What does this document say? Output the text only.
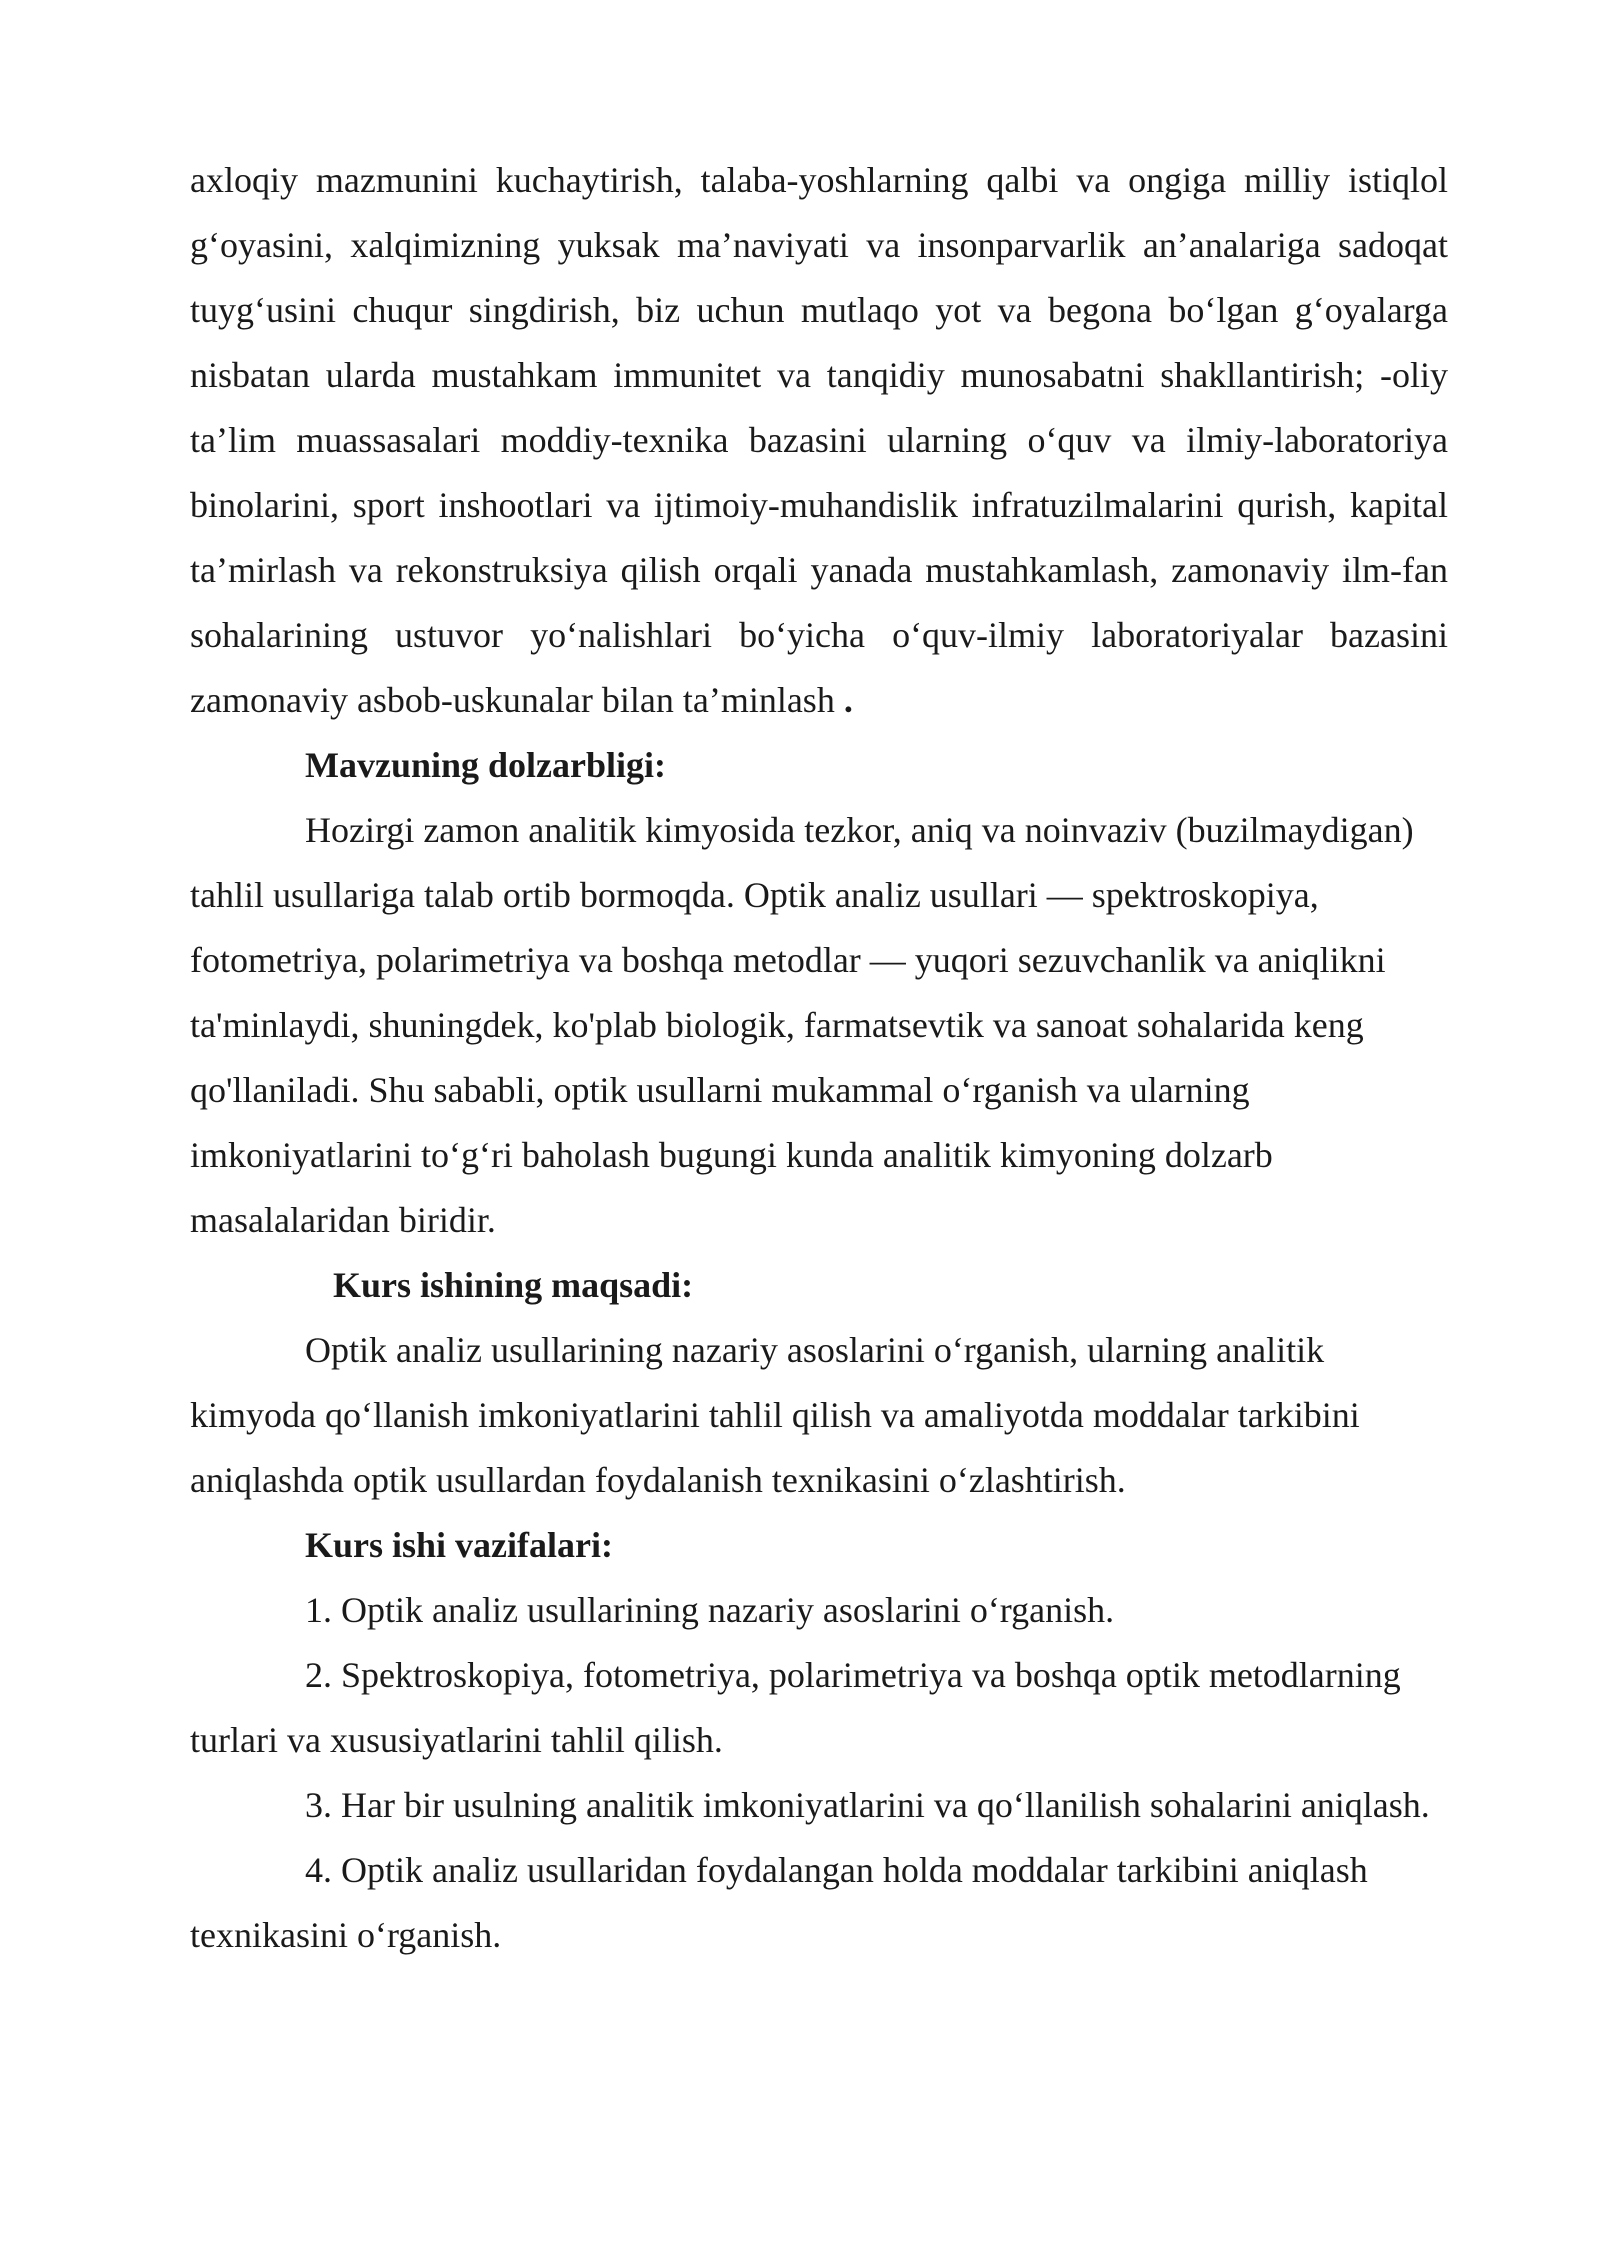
axloqiy mazmunini kuchaytirish, talaba-yoshlarning qalbi va ongiga milliy istiqlol g‘oyasini, xalqimizning yuksak ma’naviyati va insonparvarlik an’analariga sadoqat tuyg‘usini chuqur singdirish, biz uchun mutlaqo yot va begona bo‘lgan g‘oyalarga nisbatan ularda mustahkam immunitet va tanqidiy munosabatni shakllantirish; -oliy ta’lim muassasalari moddiy-texnika bazasini ularning o‘quv va ilmiy-laboratoriya binolarini, sport inshootlari va ijtimoiy-muhandislik infratuzilmalarini qurish, kapital ta’mirlash va rekonstruksiya qilish orqali yanada mustahkamlash, zamonaviy ilm-fan sohalarining ustuvor yo‘nalishlari bo‘yicha o‘quv-ilmiy laboratoriyalar bazasini zamonaviy asbob-uskunalar bilan ta’minlash .

Mavzuning dolzarbligi:

Hozirgi zamon analitik kimyosida tezkor, aniq va noinvaziv (buzilmaydigan) tahlil usullariga talab ortib bormoqda. Optik analiz usullari — spektroskopiya, fotometriya, polarimetriya va boshqa metodlar — yuqori sezuvchanlik va aniqlikni ta'minlaydi, shuningdek, ko'plab biologik, farmatsevtik va sanoat sohalarida keng qo'llaniladi. Shu sababli, optik usullarni mukammal o‘rganish va ularning imkoniyatlarini to‘g‘ri baholash bugungi kunda analitik kimyoning dolzarb masalalaridan biridir.

Kurs ishining maqsadi:

Optik analiz usullarining nazariy asoslarini o‘rganish, ularning analitik kimyoda qo‘llanish imkoniyatlarini tahlil qilish va amaliyotda moddalar tarkibini aniqlashda optik usullardan foydalanish texnikasini o‘zlashtirish.

Kurs ishi vazifalari:

1. Optik analiz usullarining nazariy asoslarini o‘rganish.

2. Spektroskopiya, fotometriya, polarimetriya va boshqa optik metodlarning turlari va xususiyatlarini tahlil qilish.

3. Har bir usulning analitik imkoniyatlarini va qo‘llanilish sohalarini aniqlash.

4. Optik analiz usullaridan foydalangan holda moddalar tarkibini aniqlash texnikasini o‘rganish.
